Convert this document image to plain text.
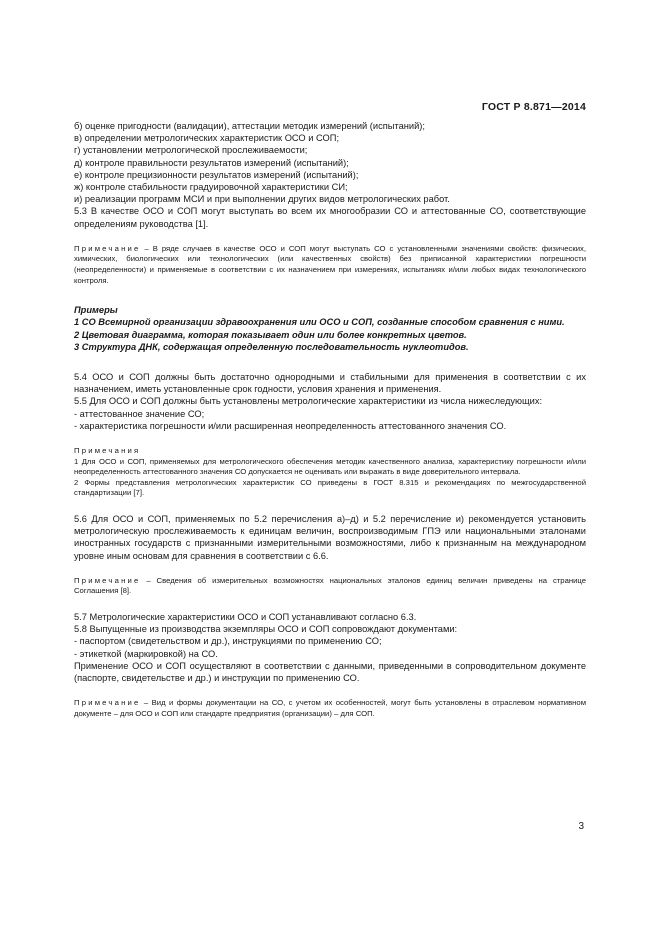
ГОСТ Р 8.871—2014

б) оценке пригодности (валидации), аттестации методик измерений (испытаний);

в) определении метрологических характеристик ОСО и СОП;

г) установлении метрологической прослеживаемости;

д) контроле правильности результатов измерений (испытаний);

е) контроле прецизионности результатов измерений (испытаний);

ж) контроле стабильности градуировочной характеристики СИ;

и) реализации программ МСИ и при выполнении других видов метрологических работ.

5.3 В качестве ОСО и СОП могут выступать во всем их многообразии СО и аттестованные СО, соответствующие определениям руководства [1].

Примечание – В ряде случаев в качестве ОСО и СОП могут выступать СО с установленными значениями свойств: физических, химических, биологических или технологических (или качественных свойств) без приписанной характеристики погрешности (неопределенности) и применяемые в соответствии с их назначением при измерениях, испытаниях и/или любых видах технологического контроля.

Примеры

1 СО Всемирной организации здравоохранения или ОСО и СОП, созданные способом сравнения с ними.

2 Цветовая диаграмма, которая показывает один или более конкретных цветов.

3 Структура ДНК, содержащая определенную последовательность нуклеотидов.

5.4 ОСО и СОП должны быть достаточно однородными и стабильными для применения в соответствии с их назначением, иметь установленные срок годности, условия хранения и применения.

5.5 Для ОСО и СОП должны быть установлены метрологические характеристики из числа нижеследующих:

- аттестованное значение СО;

- характеристика погрешности и/или расширенная неопределенность аттестованного значения СО.

Примечания

1 Для ОСО и СОП, применяемых для метрологического обеспечения методик качественного анализа, характеристику погрешности и/или неопределенность аттестованного значения СО допускается не оценивать или выражать в виде доверительного интервала.

2 Формы представления метрологических характеристик СО приведены в ГОСТ 8.315 и рекомендациях по межгосударственной стандартизации [7].

5.6 Для ОСО и СОП, применяемых по 5.2 перечисления а)–д) и 5.2 перечисление и) рекомендуется установить метрологическую прослеживаемость к единицам величин, воспроизводимым ГПЭ или национальными эталонами иностранных государств с признанными измерительными возможностями, либо к признанным на международном уровне иным основам для сравнения в соответствии с 6.6.

Примечание – Сведения об измерительных возможностях национальных эталонов единиц величин приведены на странице Соглашения [8].

5.7 Метрологические характеристики ОСО и СОП устанавливают согласно 6.3.

5.8 Выпущенные из производства экземпляры ОСО и СОП сопровождают документами:

- паспортом (свидетельством и др.), инструкциями по применению СО;

- этикеткой (маркировкой) на СО.

Применение ОСО и СОП осуществляют в соответствии с данными, приведенными в сопроводительном документе (паспорте, свидетельстве и др.) и инструкции по применению СО.

Примечание – Вид и формы документации на СО, с учетом их особенностей, могут быть установлены в отраслевом нормативном документе – для ОСО и СОП или стандарте предприятия (организации) – для СОП.

3
